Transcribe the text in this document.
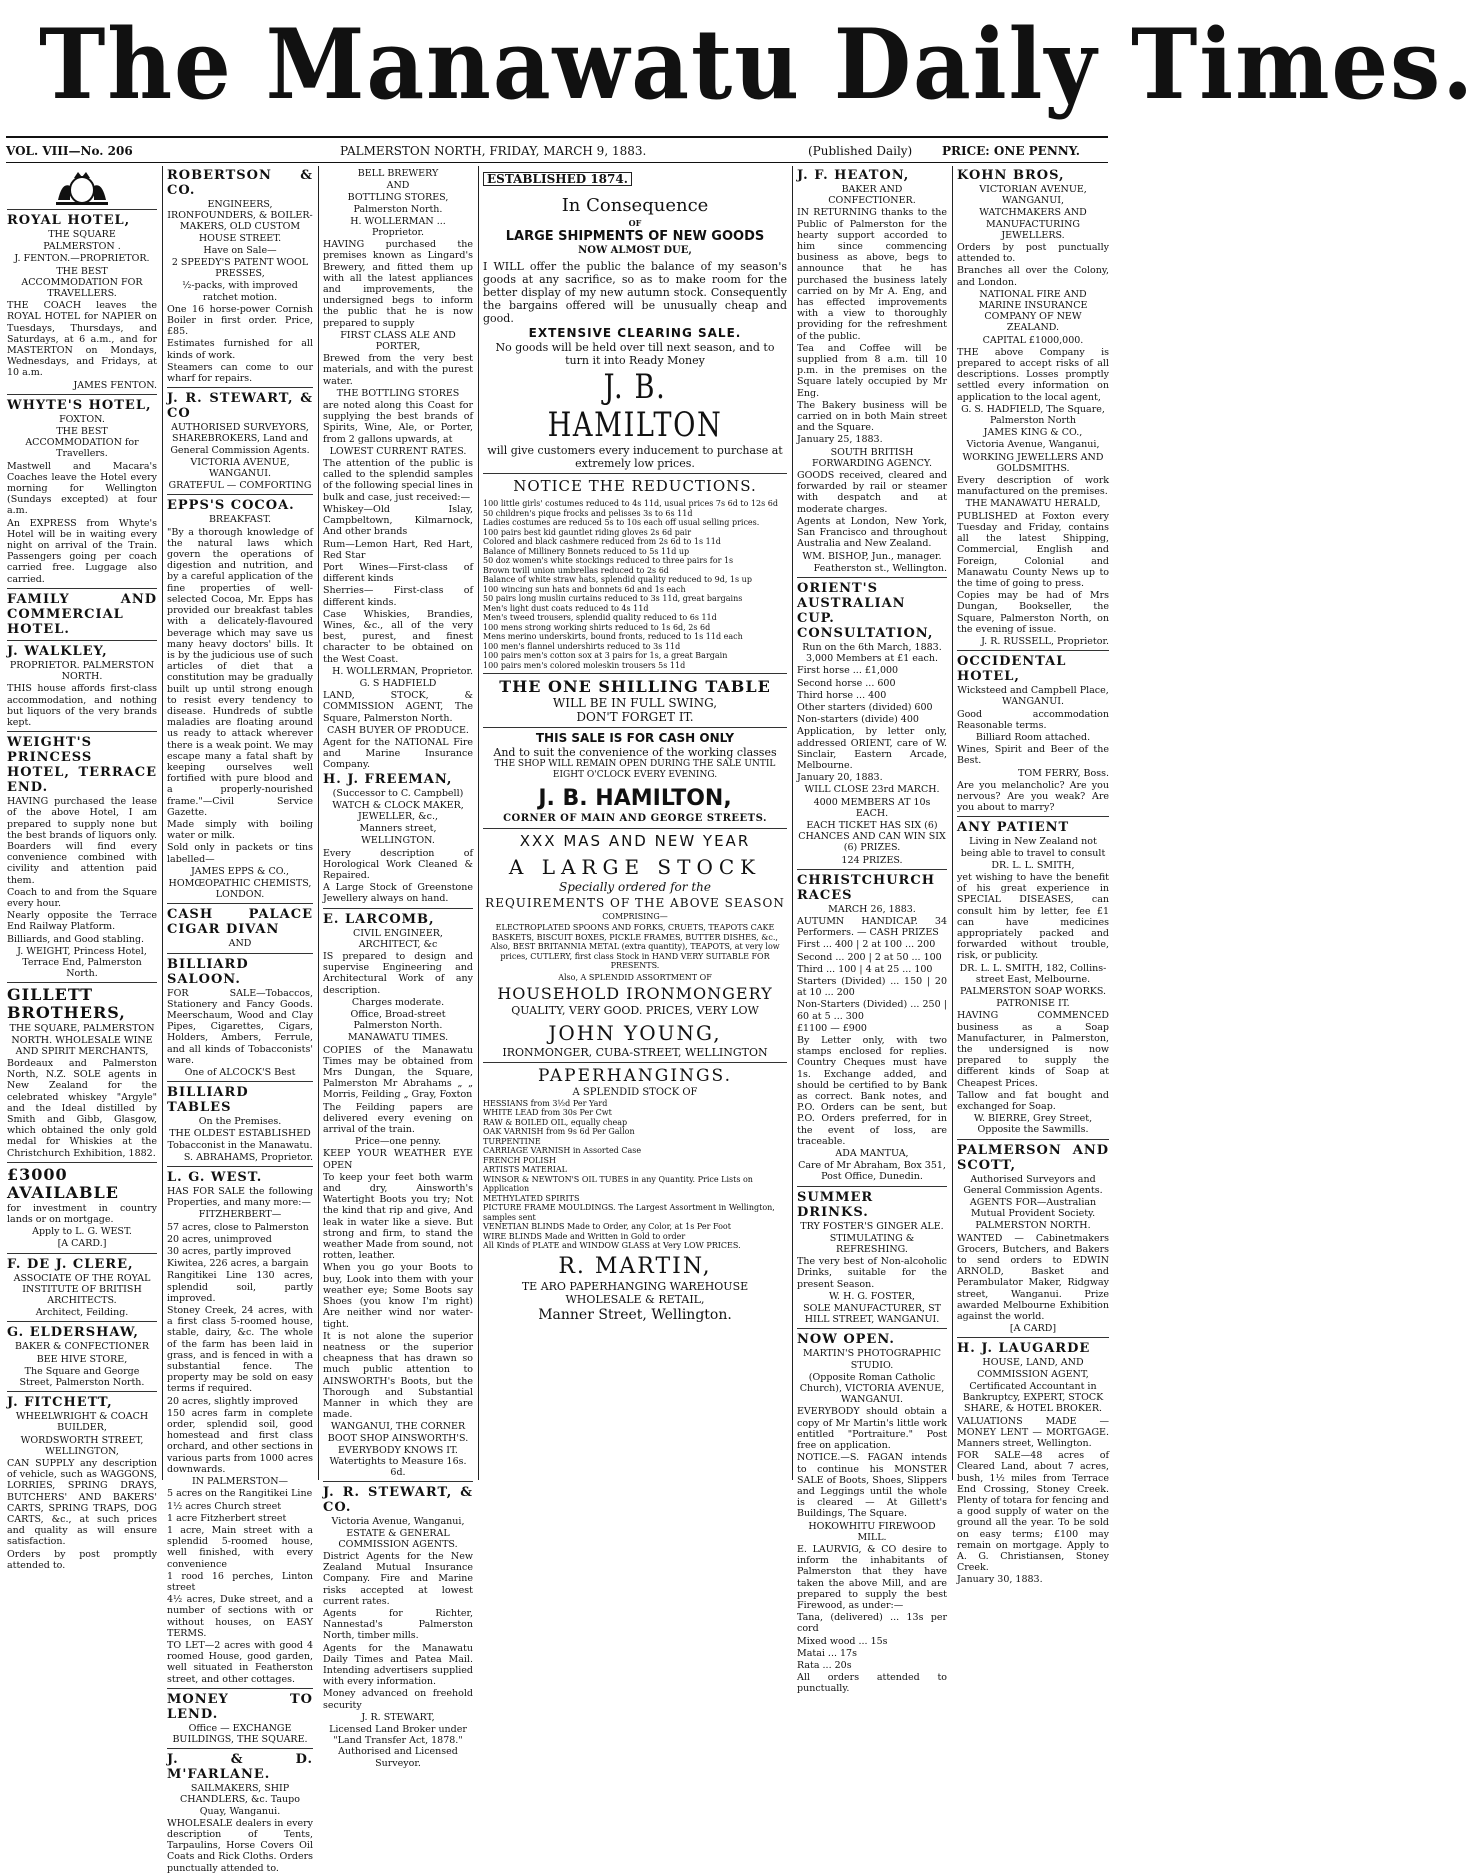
The Manawatu Daily Times.
VOL. VIII—No. 206	PALMERSTON NORTH, FRIDAY, MARCH 9, 1883.	(Published Daily) PRICE: ONE PENNY.

ROYAL HOTEL,

THE SQUARE

PALMERSTON .

J. FENTON.—PROPRIETOR.

THE BEST ACCOMMODATION FOR TRAVELLERS.

THE COACH leaves the ROYAL HOTEL for NAPIER on Tuesdays, Thursdays, and Saturdays, at 6 a.m., and for MASTERTON on Mondays, Wednesdays, and Fridays, at 10 a.m.

JAMES FENTON.

WHYTE'S HOTEL,

FOXTON.

THE BEST ACCOMMODATION for Travellers.

Mastwell and Macara's Coaches leave the Hotel every morning for Wellington (Sundays excepted) at four a.m.

An EXPRESS from Whyte's Hotel will be in waiting every night on arrival of the Train. Passengers going per coach carried free. Luggage also carried.

FAMILY AND COMMERCIAL HOTEL.

J. WALKLEY,

PROPRIETOR. PALMERSTON NORTH.

THIS house affords first-class accommodation, and nothing but liquors of the very brands kept.

WEIGHT'S PRINCESS HOTEL, TERRACE END.

HAVING purchased the lease of the above Hotel, I am prepared to supply none but the best brands of liquors only. Boarders will find every convenience combined with civility and attention paid them.

Coach to and from the Square every hour.

Nearly opposite the Terrace End Railway Platform.

Billiards, and Good stabling.

J. WEIGHT, Princess Hotel, Terrace End, Palmerston North.

GILLETT BROTHERS,

THE SQUARE, PALMERSTON NORTH. WHOLESALE WINE AND SPIRIT MERCHANTS,

Bordeaux and Palmerston North, N.Z. SOLE agents in New Zealand for the celebrated whiskey "Argyle" and the Ideal distilled by Smith and Gibb, Glasgow, which obtained the only gold medal for Whiskies at the Christchurch Exhibition, 1882.

£3000 AVAILABLE

for investment in country lands or on mortgage.

Apply to L. G. WEST.

[A CARD.]

F. DE J. CLERE,

ASSOCIATE OF THE ROYAL INSTITUTE OF BRITISH ARCHITECTS.

Architect, Feilding.

G. ELDERSHAW,

BAKER & CONFECTIONER

BEE HIVE STORE,

The Square and George Street, Palmerston North.

J. FITCHETT,

WHEELWRIGHT & COACH BUILDER,

WORDSWORTH STREET, WELLINGTON,

CAN SUPPLY any description of vehicle, such as WAGGONS, LORRIES, SPRING DRAYS, BUTCHERS' AND BAKERS' CARTS, SPRING TRAPS, DOG CARTS, &c., at such prices and quality as will ensure satisfaction.

Orders by post promptly attended to.

ROBERTSON & CO.

ENGINEERS, IRONFOUNDERS, & BOILER-MAKERS, OLD CUSTOM HOUSE STREET.

Have on Sale—

2 SPEEDY'S PATENT WOOL PRESSES,

½-packs, with improved ratchet motion.

One 16 horse-power Cornish Boiler in first order. Price, £85.

Estimates furnished for all kinds of work.

Steamers can come to our wharf for repairs.

J. R. STEWART, & CO

AUTHORISED SURVEYORS, SHAREBROKERS, Land and General Commission Agents.

VICTORIA AVENUE, WANGANUI.

GRATEFUL — COMFORTING

EPPS'S COCOA.

BREAKFAST.

"By a thorough knowledge of the natural laws which govern the operations of digestion and nutrition, and by a careful application of the fine properties of well-selected Cocoa, Mr. Epps has provided our breakfast tables with a delicately-flavoured beverage which may save us many heavy doctors' bills. It is by the judicious use of such articles of diet that a constitution may be gradually built up until strong enough to resist every tendency to disease. Hundreds of subtle maladies are floating around us ready to attack wherever there is a weak point. We may escape many a fatal shaft by keeping ourselves well fortified with pure blood and a properly-nourished frame."—Civil Service Gazette.

Made simply with boiling water or milk.

Sold only in packets or tins labelled—

JAMES EPPS & CO.,

HOMŒOPATHIC CHEMISTS, LONDON.

CASH PALACE CIGAR DIVAN

AND

BILLIARD SALOON.

FOR SALE—Tobaccos, Stationery and Fancy Goods. Meerschaum, Wood and Clay Pipes, Cigarettes, Cigars, Holders, Ambers, Ferrule, and all kinds of Tobacconists' ware.

One of ALCOCK'S Best

BILLIARD TABLES

On the Premises.

THE OLDEST ESTABLISHED Tobacconist in the Manawatu.

S. ABRAHAMS, Proprietor.

L. G. WEST.

HAS FOR SALE the following Properties, and many more:—

FITZHERBERT—

57 acres, close to Palmerston

20 acres, unimproved

30 acres, partly improved

Kiwitea, 226 acres, a bargain

Rangitikei Line 130 acres, splendid soil, partly improved.

Stoney Creek, 24 acres, with a first class 5-roomed house, stable, dairy, &c. The whole of the farm has been laid in grass, and is fenced in with a substantial fence. The property may be sold on easy terms if required.

20 acres, slightly improved

150 acres farm in complete order, splendid soil, good homestead and first class orchard, and other sections in various parts from 1000 acres downwards.

IN PALMERSTON—

5 acres on the Rangitikei Line

1½ acres Church street

1 acre Fitzherbert street

1 acre, Main street with a splendid 5-roomed house, well finished, with every convenience

1 rood 16 perches, Linton street

4½ acres, Duke street, and a number of sections with or without houses, on EASY TERMS.

TO LET—2 acres with good 4 roomed House, good garden, well situated in Featherston street, and other cottages.

MONEY TO LEND.

Office — EXCHANGE BUILDINGS, THE SQUARE.

J. & D. M'FARLANE.

SAILMAKERS, SHIP CHANDLERS, &c. Taupo Quay, Wanganui.

WHOLESALE dealers in every description of Tents, Tarpaulins, Horse Covers Oil Coats and Rick Cloths. Orders punctually attended to.

BELL BREWERY

AND

BOTTLING STORES, Palmerston North.

H. WOLLERMAN ... Proprietor.

HAVING purchased the premises known as Lingard's Brewery, and fitted them up with all the latest appliances and improvements, the undersigned begs to inform the public that he is now prepared to supply

FIRST CLASS ALE AND PORTER,

Brewed from the very best materials, and with the purest water.

THE BOTTLING STORES

are noted along this Coast for supplying the best brands of Spirits, Wine, Ale, or Porter, from 2 gallons upwards, at

LOWEST CURRENT RATES.

The attention of the public is called to the splendid samples of the following special lines in bulk and case, just received:—

Whiskey—Old Islay, Campbeltown, Kilmarnock, And other brands

Rum—Lemon Hart, Red Hart, Red Star

Port Wines—First-class of different kinds

Sherries— First-class of different kinds.

Case Whiskies, Brandies, Wines, &c., all of the very best, purest, and finest character to be obtained on the West Coast.

H. WOLLERMAN, Proprietor.

G. S HADFIELD

LAND, STOCK, & COMMISSION AGENT, The Square, Palmerston North.

CASH BUYER OF PRODUCE.

Agent for the NATIONAL Fire and Marine Insurance Company.

H. J. FREEMAN,

(Successor to C. Campbell)

WATCH & CLOCK MAKER, JEWELLER, &c.,

Manners street,

WELLINGTON.

Every description of Horological Work Cleaned & Repaired.

A Large Stock of Greenstone Jewellery always on hand.

E. LARCOMB,

CIVIL ENGINEER, ARCHITECT, &c

IS prepared to design and supervise Engineering and Architectural Work of any description.

Charges moderate.

Office, Broad-street Palmerston North.

MANAWATU TIMES.

COPIES of the Manawatu Times may be obtained from Mrs Dungan, the Square, Palmerston Mr Abrahams „ „ Morris, Feilding „ Gray, Foxton

The Feilding papers are delivered every evening on arrival of the train.

Price—one penny.

KEEP YOUR WEATHER EYE OPEN

To keep your feet both warm and dry, Ainsworth's Watertight Boots you try; Not the kind that rip and give, And leak in water like a sieve. But strong and firm, to stand the weather Made from sound, not rotten, leather.

When you go your Boots to buy, Look into them with your weather eye; Some Boots say Shoes (you know I'm right) Are neither wind nor water-tight.

It is not alone the superior neatness or the superior cheapness that has drawn so much public attention to AINSWORTH's Boots, but the Thorough and Substantial Manner in which they are made.

WANGANUI, THE CORNER BOOT SHOP AINSWORTH'S.

EVERYBODY KNOWS IT. Watertights to Measure 16s. 6d.

J. R. STEWART, & CO.

Victoria Avenue, Wanganui, ESTATE & GENERAL COMMISSION AGENTS.

District Agents for the New Zealand Mutual Insurance Company. Fire and Marine risks accepted at lowest current rates.

Agents for Richter, Nannestad's Palmerston North, timber mills.

Agents for the Manawatu Daily Times and Patea Mail. Intending advertisers supplied with every information.

Money advanced on freehold security

J. R. STEWART,

Licensed Land Broker under "Land Transfer Act, 1878." Authorised and Licensed Surveyor.

ESTABLISHED 1874.
In Consequence
OF
LARGE SHIPMENTS OF NEW GOODS
NOW ALMOST DUE,

I WILL offer the public the balance of my season's goods at any sacrifice, so as to make room for the better display of my new autumn stock. Consequently the bargains offered will be unusually cheap and good.

EXTENSIVE CLEARING SALE.

No goods will be held over till next season, and to turn it into Ready Money

J. B. HAMILTON

will give customers every inducement to purchase at extremely low prices.

NOTICE THE REDUCTIONS.
100 little girls' costumes reduced to 4s 11d, usual prices 7s 6d to 12s 6d
50 children's pique frocks and pelisses 3s to 6s 11d
Ladies costumes are reduced 5s to 10s each off usual selling prices.
100 pairs best kid gauntlet riding gloves 2s 6d pair
Colored and black cashmere reduced from 2s 6d to 1s 11d
Balance of Millinery Bonnets reduced to 5s 11d up
50 doz women's white stockings reduced to three pairs for 1s
Brown twill union umbrellas reduced to 2s 6d
Balance of white straw hats, splendid quality reduced to 9d, 1s up
100 wincing sun hats and bonnets 6d and 1s each
50 pairs long muslin curtains reduced to 3s 11d, great bargains
Men's light dust coats reduced to 4s 11d
Men's tweed trousers, splendid quality reduced to 6s 11d
100 mens strong working shirts reduced to 1s 6d, 2s 6d
Mens merino underskirts, bound fronts, reduced to 1s 11d each
100 men's flannel undershirts reduced to 3s 11d
100 pairs men's cotton sox at 3 pairs for 1s, a great Bargain
100 pairs men's colored moleskin trousers 5s 11d
THE ONE SHILLING TABLE
WILL BE IN FULL SWING,
DON'T FORGET IT.
THIS SALE IS FOR CASH ONLY
And to suit the convenience of the working classes
THE SHOP WILL REMAIN OPEN DURING THE SALE UNTIL EIGHT O'CLOCK EVERY EVENING.
J. B. HAMILTON,
CORNER OF MAIN AND GEORGE STREETS.
XXX MAS AND NEW YEAR
A LARGE STOCK
Specially ordered for the
REQUIREMENTS OF THE ABOVE SEASON
COMPRISING—

ELECTROPLATED SPOONS AND FORKS, CRUETS, TEAPOTS CAKE BASKETS, BISCUIT BOXES, PICKLE FRAMES, BUTTER DISHES, &c., Also, BEST BRITANNIA METAL (extra quantity), TEAPOTS, at very low prices, CUTLERY, first class Stock in HAND VERY SUITABLE FOR PRESENTS.

Also, A SPLENDID ASSORTMENT OF
HOUSEHOLD IRONMONGERY
QUALITY, VERY GOOD. PRICES, VERY LOW
JOHN YOUNG,
IRONMONGER, CUBA-STREET, WELLINGTON
PAPERHANGINGS.
A SPLENDID STOCK OF
HESSIANS from 3½d Per Yard
WHITE LEAD from 30s Per Cwt
RAW & BOILED OIL, equally cheap
OAK VARNISH from 9s 6d Per Gallon
TURPENTINE
CARRIAGE VARNISH in Assorted Case
FRENCH POLISH
ARTISTS MATERIAL
WINSOR & NEWTON'S OIL TUBES in any Quantity. Price Lists on Application
METHYLATED SPIRITS
PICTURE FRAME MOULDINGS. The Largest Assortment in Wellington, samples sent
VENETIAN BLINDS Made to Order, any Color, at 1s Per Foot
WIRE BLINDS Made and Written in Gold to order
All Kinds of PLATE and WINDOW GLASS at Very LOW PRICES.
R. MARTIN,
TE ARO PAPERHANGING WAREHOUSE
WHOLESALE & RETAIL,
Manner Street, Wellington.

J. F. HEATON,

BAKER AND CONFECTIONER.

IN RETURNING thanks to the Public of Palmerston for the hearty support accorded to him since commencing business as above, begs to announce that he has purchased the business lately carried on by Mr A. Eng, and has effected improvements with a view to thoroughly providing for the refreshment of the public.

Tea and Coffee will be supplied from 8 a.m. till 10 p.m. in the premises on the Square lately occupied by Mr Eng.

The Bakery business will be carried on in both Main street and the Square.

January 25, 1883.

SOUTH BRITISH FORWARDING AGENCY.

GOODS received, cleared and forwarded by rail or steamer with despatch and at moderate charges.

Agents at London, New York, San Francisco and throughout Australia and New Zealand.

WM. BISHOP, Jun., manager.

Featherston st., Wellington.

ORIENT'S AUSTRALIAN CUP. CONSULTATION,

Run on the 6th March, 1883. 3,000 Members at £1 each.

First horse ... £1,000

Second horse ... 600

Third horse ... 400

Other starters (divided) 600

Non-starters (divide) 400

Application, by letter only, addressed ORIENT, care of W. Sinclair, Eastern Arcade, Melbourne.

January 20, 1883.

WILL CLOSE 23rd MARCH.

4000 MEMBERS AT 10s EACH.

EACH TICKET HAS SIX (6) CHANCES AND CAN WIN SIX (6) PRIZES.

124 PRIZES.

CHRISTCHURCH RACES

MARCH 26, 1883.

AUTUMN HANDICAP. 34 Performers. — CASH PRIZES

First ... 400 | 2 at 100 ... 200

Second ... 200 | 2 at 50 ... 100

Third ... 100 | 4 at 25 ... 100

Starters (Divided) ... 150 | 20 at 10 ... 200

Non-Starters (Divided) ... 250 | 60 at 5 ... 300

£1100 — £900

By Letter only, with two stamps enclosed for replies. Country Cheques must have 1s. Exchange added, and should be certified to by Bank as correct. Bank notes, and P.O. Orders can be sent, but P.O. Orders preferred, for in the event of loss, are traceable.

ADA MANTUA,

Care of Mr Abraham, Box 351, Post Office, Dunedin.

SUMMER DRINKS.

TRY FOSTER'S GINGER ALE.

STIMULATING & REFRESHING.

The very best of Non-alcoholic Drinks, suitable for the present Season.

W. H. G. FOSTER,

SOLE MANUFACTURER, ST HILL STREET, WANGANUI.

NOW OPEN.

MARTIN'S PHOTOGRAPHIC STUDIO.

(Opposite Roman Catholic Church), VICTORIA AVENUE, WANGANUI.

EVERYBODY should obtain a copy of Mr Martin's little work entitled "Portraiture." Post free on application.

NOTICE.—S. FAGAN intends to continue his MONSTER SALE of Boots, Shoes, Slippers and Leggings until the whole is cleared — At Gillett's Buildings, The Square.

HOKOWHITU FIREWOOD MILL.

E. LAURVIG, & CO desire to inform the inhabitants of Palmerston that they have taken the above Mill, and are prepared to supply the best Firewood, as under:—

Tana, (delivered) ... 13s per cord

Mixed wood ... 15s

Matai ... 17s

Rata ... 20s

All orders attended to punctually.

KOHN BROS,

VICTORIAN AVENUE, WANGANUI,

WATCHMAKERS AND MANUFACTURING JEWELLERS.

Orders by post punctually attended to.

Branches all over the Colony, and London.

NATIONAL FIRE AND MARINE INSURANCE COMPANY OF NEW ZEALAND.

CAPITAL £1000,000.

THE above Company is prepared to accept risks of all descriptions. Losses promptly settled every information on application to the local agent,

G. S. HADFIELD, The Square, Palmerston North

JAMES KING & CO.,

Victoria Avenue, Wanganui,

WORKING JEWELLERS AND GOLDSMITHS.

Every description of work manufactured on the premises.

THE MANAWATU HERALD,

PUBLISHED at Foxton every Tuesday and Friday, contains all the latest Shipping, Commercial, English and Foreign, Colonial and Manawatu County News up to the time of going to press.

Copies may be had of Mrs Dungan, Bookseller, the Square, Palmerston North, on the evening of issue.

J. R. RUSSELL, Proprietor.

OCCIDENTAL HOTEL,

Wicksteed and Campbell Place, WANGANUI.

Good accommodation Reasonable terms.

Billiard Room attached.

Wines, Spirit and Beer of the Best.

TOM FERRY, Boss.

Are you melancholic? Are you nervous? Are you weak? Are you about to marry?

ANY PATIENT

Living in New Zealand not being able to travel to consult

DR. L. L. SMITH,

yet wishing to have the benefit of his great experience in SPECIAL DISEASES, can consult him by letter, fee £1 can have medicines appropriately packed and forwarded without trouble, risk, or publicity.

DR. L. L. SMITH, 182, Collins-street East, Melbourne.

PALMERSTON SOAP WORKS.

PATRONISE IT.

HAVING COMMENCED business as a Soap Manufacturer, in Palmerston, the undersigned is now prepared to supply the different kinds of Soap at Cheapest Prices.

Tallow and fat bought and exchanged for Soap.

W. BIERRE, Grey Street, Opposite the Sawmills.

PALMERSON AND SCOTT,

Authorised Surveyors and General Commission Agents.

AGENTS FOR—Australian Mutual Provident Society.

PALMERSTON NORTH.

WANTED — Cabinetmakers Grocers, Butchers, and Bakers to send orders to EDWIN ARNOLD, Basket and Perambulator Maker, Ridgway street, Wanganui. Prize awarded Melbourne Exhibition against the world.

[A CARD]

H. J. LAUGARDE

HOUSE, LAND, AND COMMISSION AGENT,

Certificated Accountant in Bankruptcy, EXPERT, STOCK SHARE, & HOTEL BROKER.

VALUATIONS MADE — MONEY LENT — MORTGAGE. Manners street, Wellington.

FOR SALE—48 acres of Cleared Land, about 7 acres, bush, 1½ miles from Terrace End Crossing, Stoney Creek. Plenty of totara for fencing and a good supply of water on the ground all the year. To be sold on easy terms; £100 may remain on mortgage. Apply to A. G. Christiansen, Stoney Creek.

January 30, 1883.
